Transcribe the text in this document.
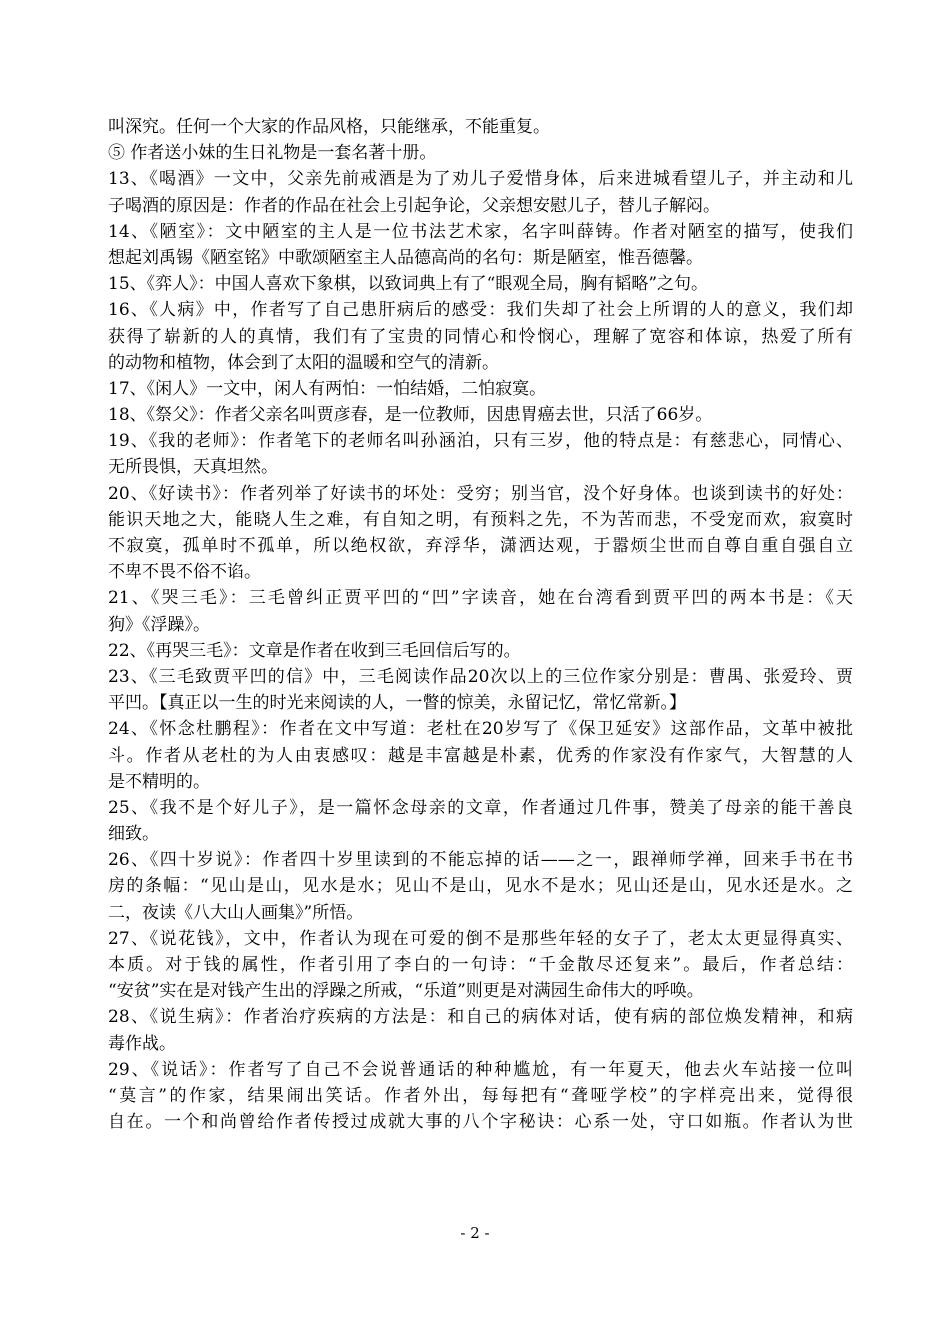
叫深究。任何一个大家的作品风格，只能继承，不能重复。
⑤ 作者送小妹的生日礼物是一套名著十册。
13、《喝酒》一文中，父亲先前戒酒是为了劝儿子爱惜身体，后来进城看望儿子，并主动和儿
子喝酒的原因是：作者的作品在社会上引起争论，父亲想安慰儿子，替儿子解闷。
14、《陋室》：文中陋室的主人是一位书法艺术家，名字叫薛铸。作者对陋室的描写，使我们
想起刘禹锡《陋室铭》中歌颂陋室主人品德高尚的名句：斯是陋室，惟吾德馨。
15、《弈人》：中国人喜欢下象棋，以致词典上有了“眼观全局，胸有韬略”之句。
16、《人病》中，作者写了自己患肝病后的感受：我们失却了社会上所谓的人的意义，我们却
获得了崭新的人的真情，我们有了宝贵的同情心和怜悯心，理解了宽容和体谅，热爱了所有
的动物和植物，体会到了太阳的温暖和空气的清新。
17、《闲人》一文中，闲人有两怕：一怕结婚，二怕寂寞。
18、《祭父》：作者父亲名叫贾彦春，是一位教师，因患胃癌去世，只活了66岁。
19、《我的老师》：作者笔下的老师名叫孙涵泊，只有三岁，他的特点是：有慈悲心，同情心、
无所畏惧，天真坦然。
20、《好读书》：作者列举了好读书的坏处：受穷；别当官，没个好身体。也谈到读书的好处：
能识天地之大，能晓人生之难，有自知之明，有预料之先，不为苦而悲，不受宠而欢，寂寞时
不寂寞，孤单时不孤单，所以绝权欲，弃浮华，潇洒达观，于嚣烦尘世而自尊自重自强自立
不卑不畏不俗不谄。
21、《哭三毛》：三毛曾纠正贾平凹的“凹”字读音，她在台湾看到贾平凹的两本书是：《天
狗》《浮躁》。
22、《再哭三毛》：文章是作者在收到三毛回信后写的。
23、《三毛致贾平凹的信》中，三毛阅读作品20次以上的三位作家分别是：曹禺、张爱玲、贾
平凹。【真正以一生的时光来阅读的人，一瞥的惊美，永留记忆，常忆常新。】
24、《怀念杜鹏程》：作者在文中写道：老杜在20岁写了《保卫延安》这部作品，文革中被批
斗。作者从老杜的为人由衷感叹：越是丰富越是朴素，优秀的作家没有作家气，大智慧的人
是不精明的。
25、《我不是个好儿子》，是一篇怀念母亲的文章，作者通过几件事，赞美了母亲的能干善良
细致。
26、《四十岁说》：作者四十岁里读到的不能忘掉的话——之一，跟禅师学禅，回来手书在书
房的条幅：“见山是山，见水是水；见山不是山，见水不是水；见山还是山，见水还是水。之
二，夜读《八大山人画集》”所悟。
27、《说花钱》，文中，作者认为现在可爱的倒不是那些年轻的女子了，老太太更显得真实、
本质。对于钱的属性，作者引用了李白的一句诗：“千金散尽还复来”。最后，作者总结：
“安贫”实在是对钱产生出的浮躁之所戒，“乐道”则更是对满园生命伟大的呼唤。
28、《说生病》：作者治疗疾病的方法是：和自己的病体对话，使有病的部位焕发精神，和病
毒作战。
29、《说话》：作者写了自己不会说普通话的种种尴尬，有一年夏天，他去火车站接一位叫
“莫言”的作家，结果闹出笑话。作者外出，每每把有“聋哑学校”的字样亮出来，觉得很
自在。一个和尚曾给作者传授过成就大事的八个字秘诀：心系一处，守口如瓶。作者认为世
- 2 -
